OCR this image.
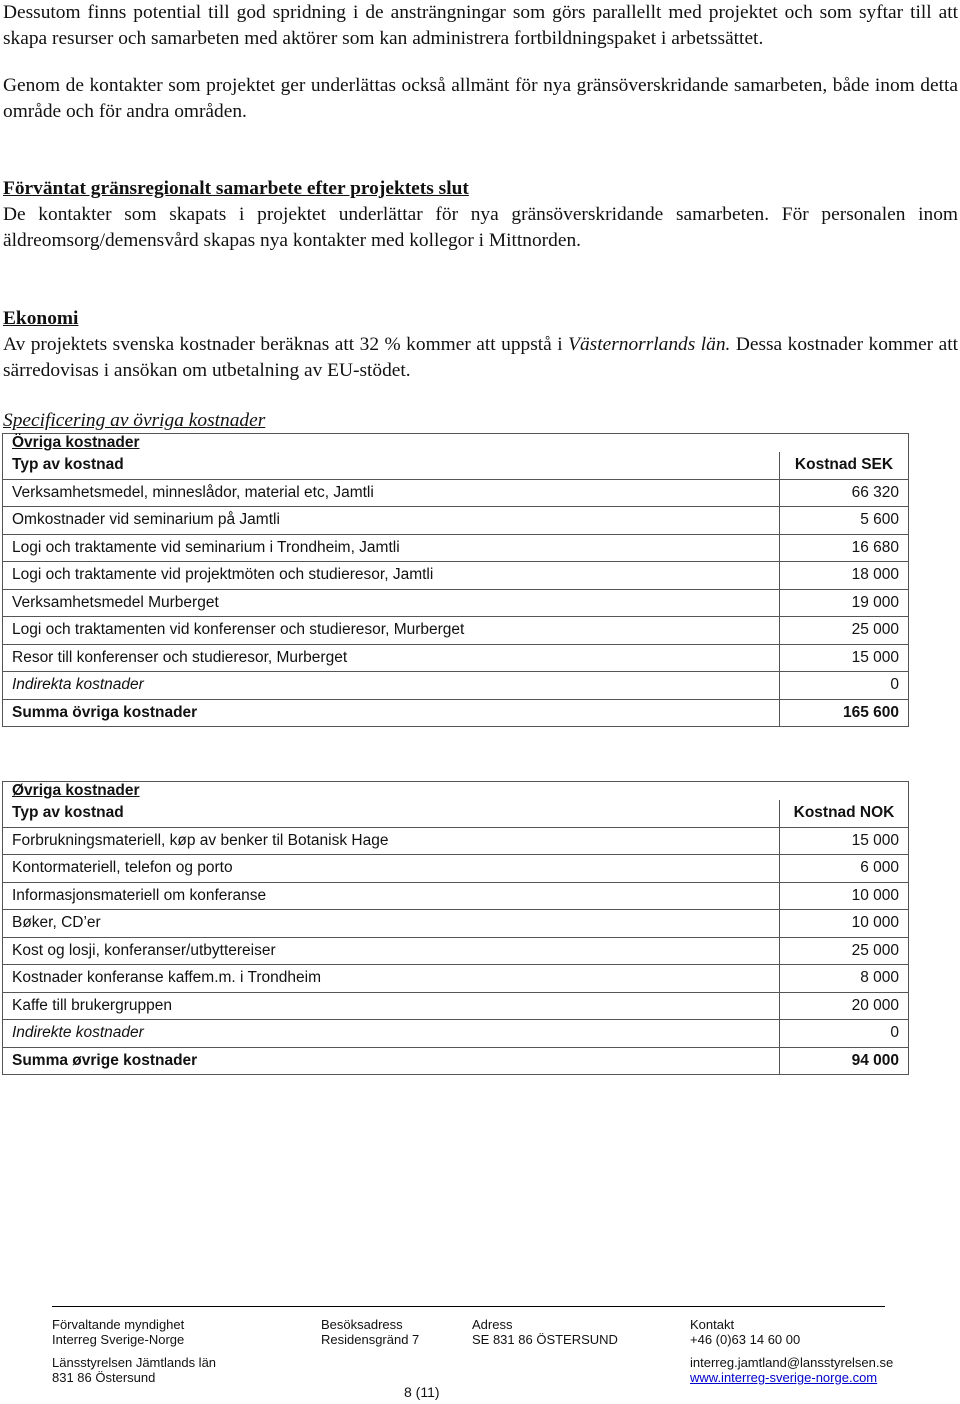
Dessutom finns potential till god spridning i de ansträngningar som görs parallellt med projektet och som syftar till att skapa resurser och samarbeten med aktörer som kan administrera fortbildningspaket i arbetssättet.

Genom de kontakter som projektet ger underlättas också allmänt för nya gränsöverskridande samarbeten, både inom detta område och för andra områden.

Förväntat gränsregionalt samarbete efter projektets slut

De kontakter som skapats i projektet underlättar för nya gränsöverskridande samarbeten. För personalen inom äldreomsorg/demensvård skapas nya kontakter med kollegor i Mittnorden.

Ekonomi

Av projektets svenska kostnader beräknas att 32 % kommer att uppstå i Västernorrlands län. Dessa kostnader kommer att särredovisas i ansökan om utbetalning av EU-stödet.

Specificering av övriga kostnader

Övriga kostnader	
Typ av kostnad	Kostnad SEK
Verksamhetsmedel, minneslådor, material etc, Jamtli	66 320
Omkostnader vid seminarium på Jamtli	5 600
Logi och traktamente vid seminarium i Trondheim, Jamtli	16 680
Logi och traktamente vid projektmöten och studieresor, Jamtli	18 000
Verksamhetsmedel Murberget	19 000
Logi och traktamenten vid konferenser och studieresor, Murberget	25 000
Resor till konferenser och studieresor, Murberget	15 000
Indirekta kostnader	0
Summa övriga kostnader	165 600
Øvriga kostnader	
Typ av kostnad	Kostnad NOK
Forbrukningsmateriell, køp av benker til Botanisk Hage	15 000
Kontormateriell, telefon og porto	6 000
Informasjonsmateriell om konferanse	10 000
Bøker, CD’er	10 000
Kost og losji, konferanser/utbyttereiser	25 000
Kostnader konferanse kaffem.m. i Trondheim	8 000
Kaffe till brukergruppen	20 000
Indirekte kostnader	0
Summa øvrige kostnader	94 000
Förvaltande myndighet
Interreg Sverige-Norge
Länsstyrelsen Jämtlands län
831 86 Östersund
Besöksadress
Residensgränd 7
Adress
SE 831 86 ÖSTERSUND
Kontakt
+46 (0)63 14 60 00
interreg.jamtland@lansstyrelsen.se
www.interreg-sverige-norge.com
8 (11)
